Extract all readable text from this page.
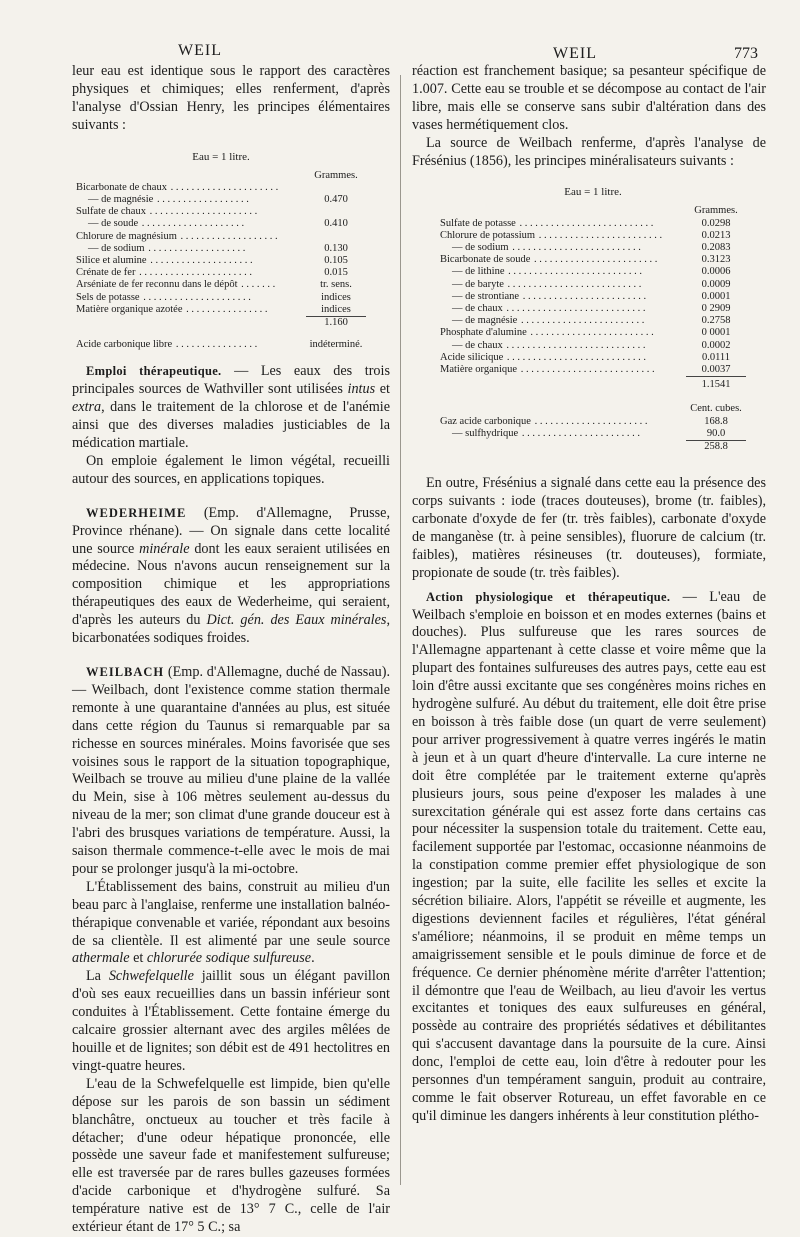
WEIL	WEIL	773

leur eau est identique sous le rapport des caractères physiques et chimiques; elles renferment, d'après l'analyse d'Ossian Henry, les principes élémentaires suivants :

Eau = 1 litre.
	Grammes.
Bicarbonate de chaux . . . . . . . . . . . . . . . . . . . . .	
— de magnésie . . . . . . . . . . . . . . . . . .	0.470
Sulfate de chaux . . . . . . . . . . . . . . . . . . . . .	
— de soude . . . . . . . . . . . . . . . . . . . .	0.410
Chlorure de magnésium . . . . . . . . . . . . . . . . . . .	
— de sodium . . . . . . . . . . . . . . . . . . .	0.130
Silice et alumine . . . . . . . . . . . . . . . . . . . .	0.105
Crénate de fer . . . . . . . . . . . . . . . . . . . . . .	0.015
Arséniate de fer reconnu dans le dépôt . . . . . . .	tr. sens.
Sels de potasse . . . . . . . . . . . . . . . . . . . . .	indices
Matière organique azotée . . . . . . . . . . . . . . . .	indices
	1.160

Acide carbonique libre . . . . . . . . . . . . . . . .	indéterminé.

Emploi thérapeutique. — Les eaux des trois principales sources de Wathviller sont utilisées intus et extra, dans le traitement de la chlorose et de l'anémie ainsi que des diverses maladies justiciables de la médication martiale.

On emploie également le limon végétal, recueilli autour des sources, en applications topiques.

WEDERHEIME (Emp. d'Allemagne, Prusse, Province rhénane). — On signale dans cette localité une source minérale dont les eaux seraient utilisées en médecine. Nous n'avons aucun renseignement sur la composition chimique et les appropriations thérapeutiques des eaux de Wederheime, qui seraient, d'après les auteurs du Dict. gén. des Eaux minérales, bicarbonatées sodiques froides.

WEILBACH (Emp. d'Allemagne, duché de Nassau). — Weilbach, dont l'existence comme station thermale remonte à une quarantaine d'années au plus, est située dans cette région du Taunus si remarquable par sa richesse en sources minérales. Moins favorisée que ses voisines sous le rapport de la situation topographique, Weilbach se trouve au milieu d'une plaine de la vallée du Mein, sise à 106 mètres seulement au-dessus du niveau de la mer; son climat d'une grande douceur est à l'abri des brusques variations de température. Aussi, la saison thermale commence-t-elle avec le mois de mai pour se prolonger jusqu'à la mi-octobre.

L'Établissement des bains, construit au milieu d'un beau parc à l'anglaise, renferme une installation balnéo-thérapique convenable et variée, répondant aux besoins de sa clientèle. Il est alimenté par une seule source athermale et chlorurée sodique sulfureuse.

La Schwefelquelle jaillit sous un élégant pavillon d'où ses eaux recueillies dans un bassin inférieur sont conduites à l'Établissement. Cette fontaine émerge du calcaire grossier alternant avec des argiles mêlées de houille et de lignites; son débit est de 491 hectolitres en vingt-quatre heures.

L'eau de la Schwefelquelle est limpide, bien qu'elle dépose sur les parois de son bassin un sédiment blanchâtre, onctueux au toucher et très facile à détacher; d'une odeur hépatique prononcée, elle possède une saveur fade et manifestement sulfureuse; elle est traversée par de rares bulles gazeuses formées d'acide carbonique et d'hydrogène sulfuré. Sa température native est de 13° 7 C., celle de l'air extérieur étant de 17° 5 C.; sa

réaction est franchement basique; sa pesanteur spécifique de 1.007. Cette eau se trouble et se décompose au contact de l'air libre, mais elle se conserve sans subir d'altération dans des vases hermétiquement clos.

La source de Weilbach renferme, d'après l'analyse de Frésénius (1856), les principes minéralisateurs suivants :

Eau = 1 litre.
	Grammes.
Sulfate de potasse . . . . . . . . . . . . . . . . . . . . . . . . . .	0.0298
Chlorure de potassium . . . . . . . . . . . . . . . . . . . . . . . .	0.0213
— de sodium . . . . . . . . . . . . . . . . . . . . . . . . .	0.2083
Bicarbonate de soude . . . . . . . . . . . . . . . . . . . . . . . .	0.3123
— de lithine . . . . . . . . . . . . . . . . . . . . . . . . . .	0.0006
— de baryte . . . . . . . . . . . . . . . . . . . . . . . . . .	0.0009
— de strontiane . . . . . . . . . . . . . . . . . . . . . . . .	0.0001
— de chaux . . . . . . . . . . . . . . . . . . . . . . . . . . .	0 2909
— de magnésie . . . . . . . . . . . . . . . . . . . . . . . .	0.2758
Phosphate d'alumine . . . . . . . . . . . . . . . . . . . . . . . .	0 0001
— de chaux . . . . . . . . . . . . . . . . . . . . . . . . . . .	0.0002
Acide silicique . . . . . . . . . . . . . . . . . . . . . . . . . . .	0.0111
Matière organique . . . . . . . . . . . . . . . . . . . . . . . . . .	0.0037
	1.1541

	Cent. cubes.
Gaz acide carbonique . . . . . . . . . . . . . . . . . . . . . .	168.8
— sulfhydrique . . . . . . . . . . . . . . . . . . . . . . .	90.0
	258.8

En outre, Frésénius a signalé dans cette eau la présence des corps suivants : iode (traces douteuses), brome (tr. faibles), carbonate d'oxyde de fer (tr. très faibles), carbonate d'oxyde de manganèse (tr. à peine sensibles), fluorure de calcium (tr. faibles), matières résineuses (tr. douteuses), formiate, propionate de soude (tr. très faibles).

Action physiologique et thérapeutique. — L'eau de Weilbach s'emploie en boisson et en modes externes (bains et douches). Plus sulfureuse que les rares sources de l'Allemagne appartenant à cette classe et voire même que la plupart des fontaines sulfureuses des autres pays, cette eau est loin d'être aussi excitante que ses congénères moins riches en hydrogène sulfuré. Au début du traitement, elle doit être prise en boisson à très faible dose (un quart de verre seulement) pour arriver progressivement à quatre verres ingérés le matin à jeun et à un quart d'heure d'intervalle. La cure interne ne doit être complétée par le traitement externe qu'après plusieurs jours, sous peine d'exposer les malades à une surexcitation générale qui est assez forte dans certains cas pour nécessiter la suspension totale du traitement. Cette eau, facilement supportée par l'estomac, occasionne néanmoins de la constipation comme premier effet physiologique de son ingestion; par la suite, elle facilite les selles et excite la sécrétion biliaire. Alors, l'appétit se réveille et augmente, les digestions deviennent faciles et régulières, l'état général s'améliore; néanmoins, il se produit en même temps un amaigrissement sensible et le pouls diminue de force et de fréquence. Ce dernier phénomène mérite d'arrêter l'attention; il démontre que l'eau de Weilbach, au lieu d'avoir les vertus excitantes et toniques des eaux sulfureuses en général, possède au contraire des propriétés sédatives et débilitantes qui s'accusent davantage dans la poursuite de la cure. Ainsi donc, l'emploi de cette eau, loin d'être à redouter pour les personnes d'un tempérament sanguin, produit au contraire, comme le fait observer Rotureau, un effet favorable en ce qu'il diminue les dangers inhérents à leur constitution plétho-
